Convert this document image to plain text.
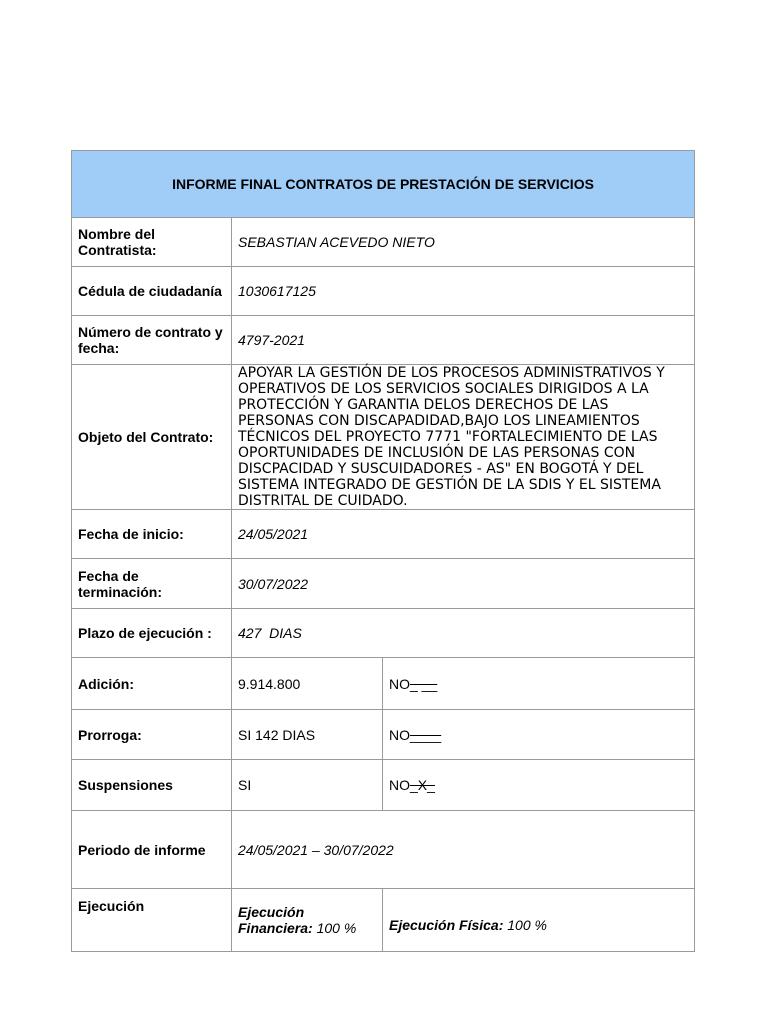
INFORME FINAL CONTRATOS DE PRESTACIÓN DE SERVICIOS		
Nombre del Contratista:	SEBASTIAN ACEVEDO NIETO	
Cédula de ciudadanía	1030617125	
Número de contrato y fecha:	4797-2021	
Objeto del Contrato:	APOYAR LA GESTIÓN DE LOS PROCESOS ADMINISTRATIVOS Y OPERATIVOS DE LOS SERVICIOS SOCIALES DIRIGIDOS A LA PROTECCIÓN Y GARANTIA DELOS DERECHOS DE LAS PERSONAS CON DISCAPADIDAD,BAJO LOS LINEAMIENTOS TÉCNICOS DEL PROYECTO 7771 "FORTALECIMIENTO DE LAS OPORTUNIDADES DE INCLUSIÓN DE LAS PERSONAS CON DISCPACIDAD Y SUSCUIDADORES - AS" EN BOGOTÁ Y DEL SISTEMA INTEGRADO DE GESTIÓN DE LA SDIS Y EL SISTEMA DISTRITAL DE CUIDADO.	
Fecha de inicio:	24/05/2021	
Fecha de terminación:	30/07/2022	
Plazo de ejecución :	427  DIAS	
Adición:	9.914.800	NO_ __
Prorroga:	SI 142 DIAS	NO____
Suspensiones	SI	NO_X_
Periodo de informe	24/05/2021 – 30/07/2022	
Ejecución	Ejecución Financiera: 100 %	Ejecución Física: 100 %
